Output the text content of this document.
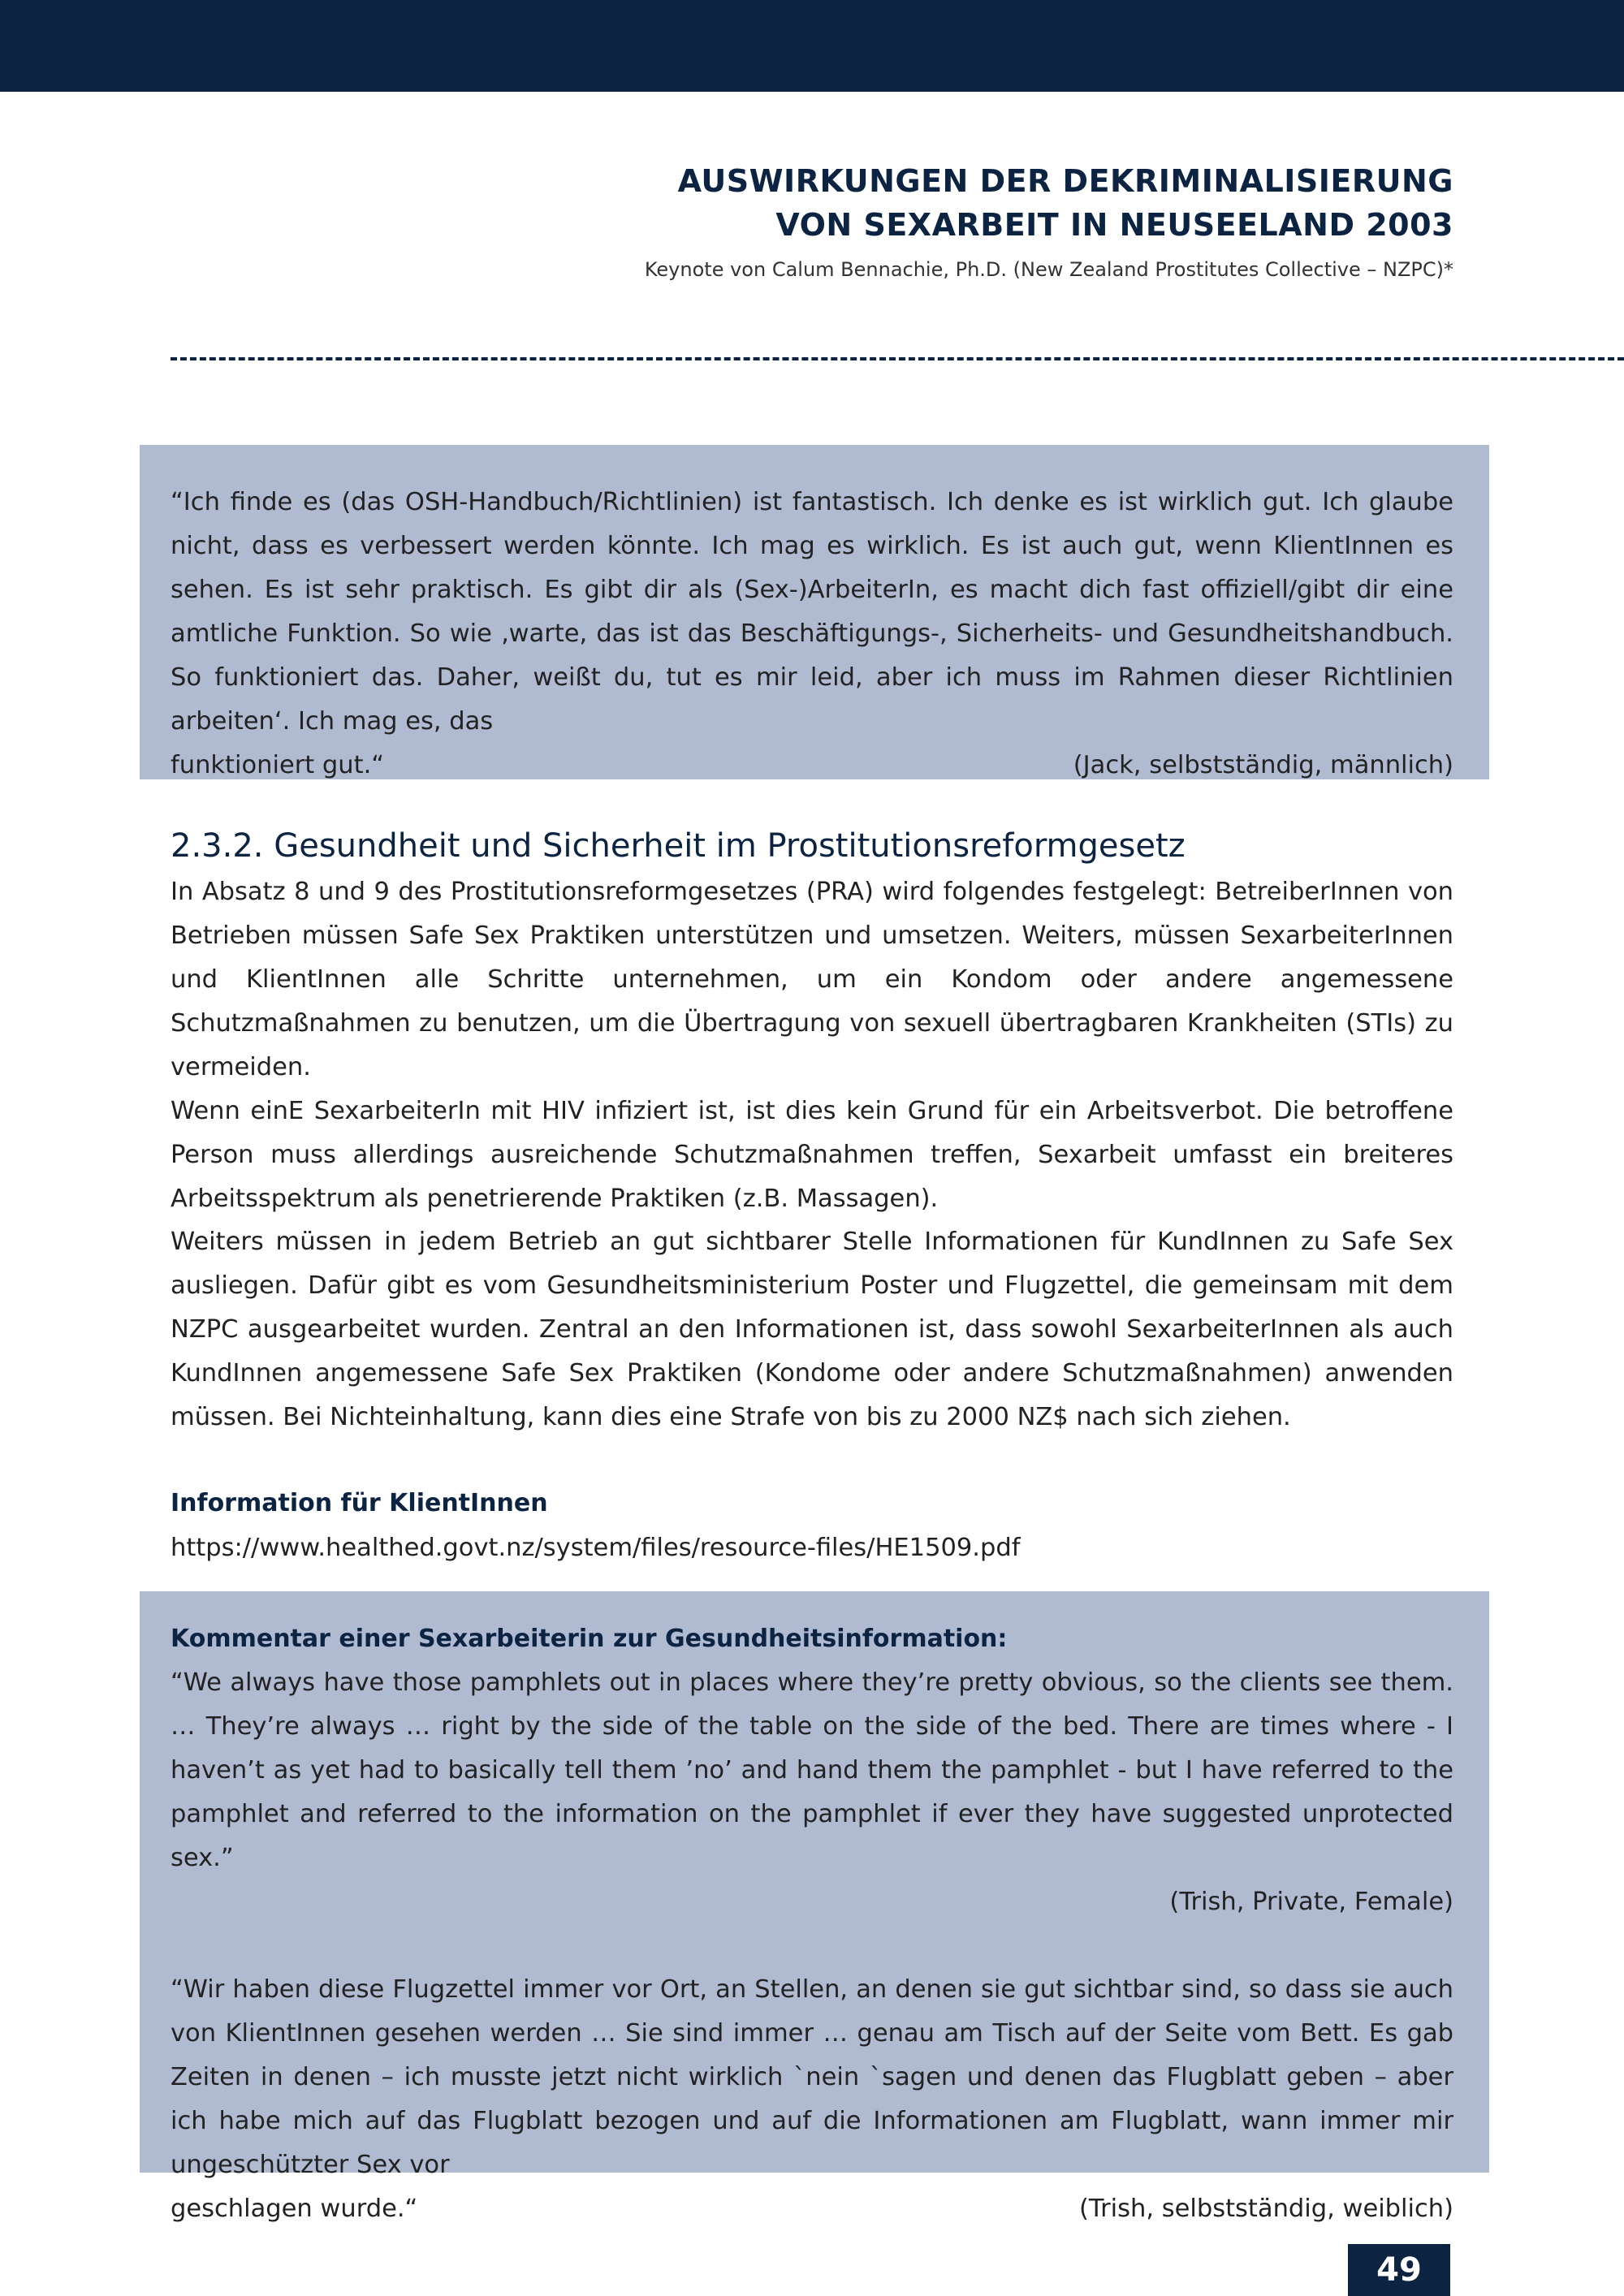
AUSWIRKUNGEN DER DEKRIMINALISIERUNG
VON SEXARBEIT IN NEUSEELAND 2003
Keynote von Calum Bennachie, Ph.D. (New Zealand Prostitutes Collective – NZPC)*
“Ich finde es (das OSH-Handbuch/Richtlinien) ist fantastisch. Ich denke es ist wirklich gut. Ich glaube nicht, dass es verbessert werden könnte. Ich mag es wirklich. Es ist auch gut, wenn KlientInnen es sehen. Es ist sehr praktisch. Es gibt dir als (Sex-)ArbeiterIn, es macht dich fast offiziell/gibt dir eine amtliche Funktion. So wie ‚warte, das ist das Beschäftigungs-, Sicherheits- und Gesundheitshandbuch. So funktioniert das. Daher, weißt du, tut es mir leid, aber ich muss im Rahmen dieser Richtlinien arbeiten‘. Ich mag es, das
funktioniert gut.“	(Jack, selbstständig, männlich)
2.3.2. Gesundheit und Sicherheit im Prostitutionsreformgesetz
In Absatz 8 und 9 des Prostitutionsreformgesetzes (PRA) wird folgendes festgelegt: BetreiberInnen von Betrieben müssen Safe Sex Praktiken unterstützen und umsetzen. Weiters, müssen SexarbeiterInnen und KlientInnen alle Schritte unternehmen, um ein Kondom oder andere angemessene Schutzmaßnahmen zu benutzen, um die Übertragung von sexuell übertragbaren Krankheiten (STIs) zu vermeiden.
Wenn einE SexarbeiterIn mit HIV infiziert ist, ist dies kein Grund für ein Arbeitsverbot. Die betroffene Person muss allerdings ausreichende Schutzmaßnahmen treffen, Sexarbeit umfasst ein breiteres Arbeitsspektrum als penetrierende Praktiken (z.B. Massagen).
Weiters müssen in jedem Betrieb an gut sichtbarer Stelle Informationen für KundInnen zu Safe Sex ausliegen. Dafür gibt es vom Gesundheitsministerium Poster und Flugzettel, die gemeinsam mit dem NZPC ausgearbeitet wurden. Zentral an den Informationen ist, dass sowohl SexarbeiterInnen als auch KundInnen angemessene Safe Sex Praktiken (Kondome oder andere Schutzmaßnahmen) anwenden müssen. Bei Nichteinhaltung, kann dies eine Strafe von bis zu 2000 NZ$ nach sich ziehen.
Information für KlientInnen
https://www.healthed.govt.nz/system/files/resource-files/HE1509.pdf
Kommentar einer Sexarbeiterin zur Gesundheitsinformation:
“We always have those pamphlets out in places where they’re pretty obvious, so the clients see them. … They’re always … right by the side of the table on the side of the bed. There are times where - I haven’t as yet had to basically tell them ’no’ and hand them the pamphlet - but I have referred to the pamphlet and referred to the information on the pamphlet if ever they have suggested unprotected sex.”
(Trish, Private, Female)
“Wir haben diese Flugzettel immer vor Ort, an Stellen, an denen sie gut sichtbar sind, so dass sie auch von KlientInnen gesehen werden … Sie sind immer … genau am Tisch auf der Seite vom Bett. Es gab Zeiten in denen – ich musste jetzt nicht wirklich `nein `sagen und denen das Flugblatt geben – aber ich habe mich auf das Flugblatt bezogen und auf die Informationen am Flugblatt, wann immer mir ungeschützter Sex vor
geschlagen wurde.“	(Trish, selbstständig, weiblich)
49
